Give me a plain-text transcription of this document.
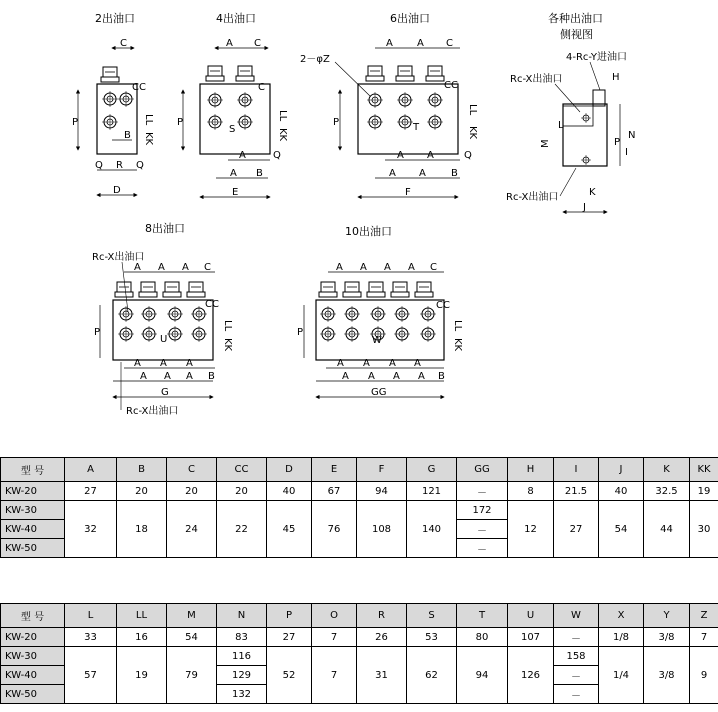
2出油口
C
P
CC
LL
KK
B
Q R Q
D
4出油口
A C
C
S
P
LL
KK
A	Q
A B
E
6出油口
2－φZ
A A C
CC
T
P
LL
KK
A A	Q
A A	B
F
各种出油口
侧视图
4-Rc-Y进油口
Rc-X出油口	H
M
L
P
N
Rc-X出油口	K
J
I
8出油口
Rc-X出油口
A A A C
CC
U
P
LL
KK
A A A
A A A B
G
Rc-X出油口
10出油口
A A A A C
CC
W
P
LL
KK
A A A A
A A A A B
GG
型 号	A	B	C	CC	D	E	F	G	GG	H	I	J	K	KK
KW-20	27	20	20	20	40	67	94	121	－	8	21.5	40	32.5	19
KW-30	32	18	24	22	45	76	108	140	172	12	27	54	44	30
KW-40									－					
KW-50									－					
型 号	L	LL	M	N	P	O	R	S	T	U	W	X	Y	Z
KW-20	33	16	54	83	27	7	26	53	80	107	－	1/8	3/8	7
KW-30	57	19	79	116	52	7	31	62	94	126	158	1/4	3/8	9
KW-40				129							－			
KW-50				132							－			
